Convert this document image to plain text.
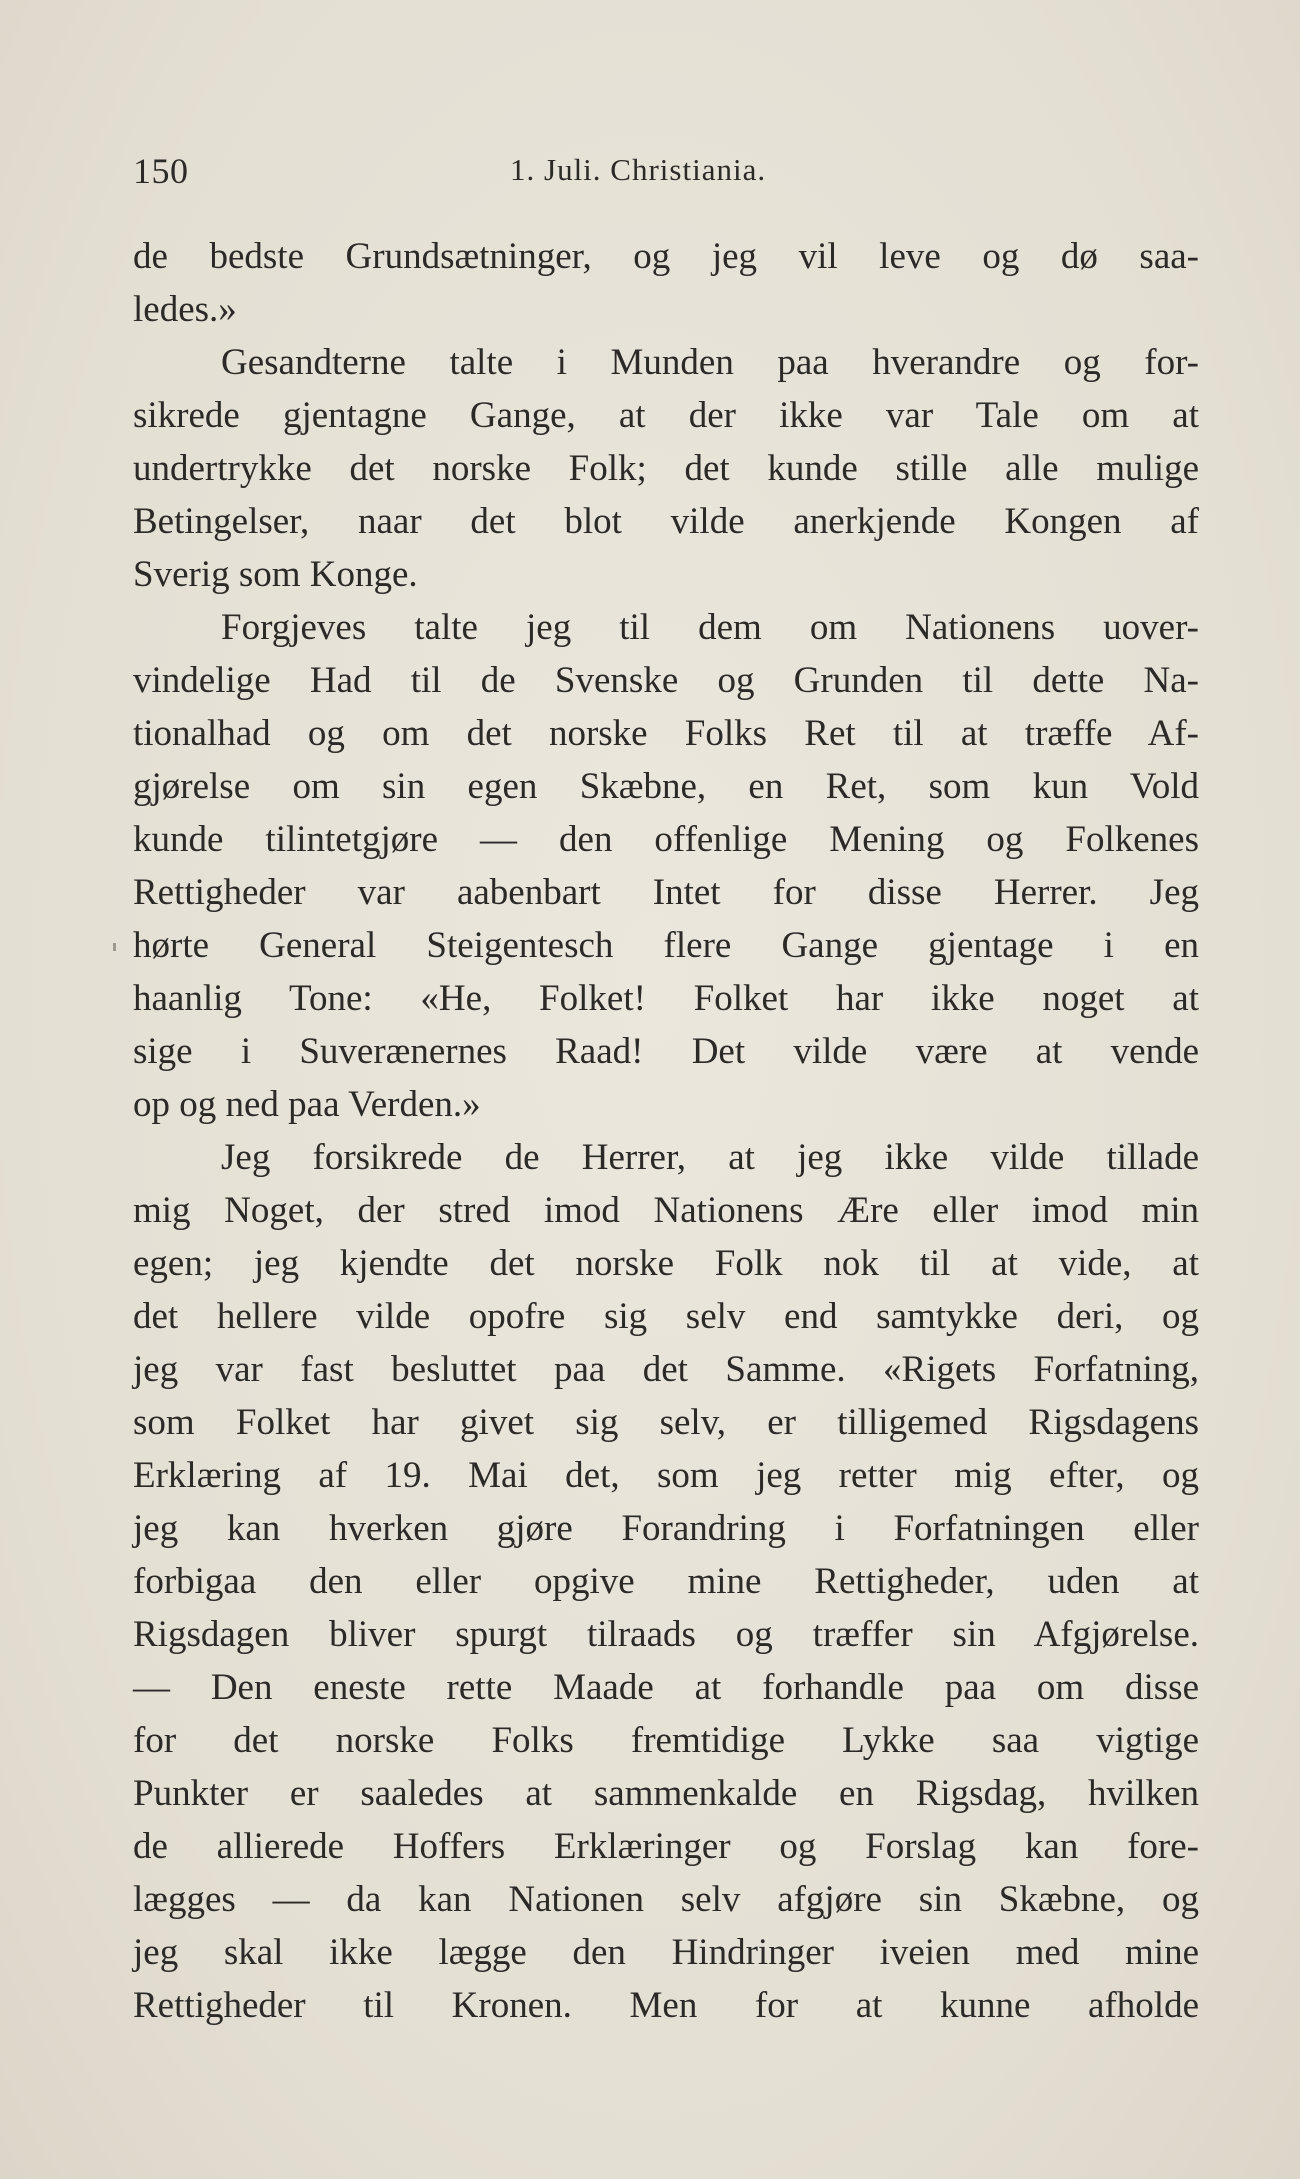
150	1. Juli. Christiania.
de bedste Grundsætninger, og jeg vil leve og dø saa-
ledes.»
Gesandterne talte i Munden paa hverandre og for-
sikrede gjentagne Gange, at der ikke var Tale om at
undertrykke det norske Folk; det kunde stille alle mulige
Betingelser, naar det blot vilde anerkjende Kongen af
Sverig som Konge.
Forgjeves talte jeg til dem om Nationens uover-
vindelige Had til de Svenske og Grunden til dette Na-
tionalhad og om det norske Folks Ret til at træffe Af-
gjørelse om sin egen Skæbne, en Ret, som kun Vold
kunde tilintetgjøre — den offenlige Mening og Folkenes
Rettigheder var aabenbart Intet for disse Herrer. Jeg
hørte General Steigentesch flere Gange gjentage i en
haanlig Tone: «He, Folket! Folket har ikke noget at
sige i Suverænernes Raad! Det vilde være at vende
op og ned paa Verden.»
Jeg forsikrede de Herrer, at jeg ikke vilde tillade
mig Noget, der stred imod Nationens Ære eller imod min
egen; jeg kjendte det norske Folk nok til at vide, at
det hellere vilde opofre sig selv end samtykke deri, og
jeg var fast besluttet paa det Samme. «Rigets Forfatning,
som Folket har givet sig selv, er tilligemed Rigsdagens
Erklæring af 19. Mai det, som jeg retter mig efter, og
jeg kan hverken gjøre Forandring i Forfatningen eller
forbigaa den eller opgive mine Rettigheder, uden at
Rigsdagen bliver spurgt tilraads og træffer sin Afgjørelse.
— Den eneste rette Maade at forhandle paa om disse
for det norske Folks fremtidige Lykke saa vigtige
Punkter er saaledes at sammenkalde en Rigsdag, hvilken
de allierede Hoffers Erklæringer og Forslag kan fore-
lægges — da kan Nationen selv afgjøre sin Skæbne, og
jeg skal ikke lægge den Hindringer iveien med mine
Rettigheder til Kronen. Men for at kunne afholde
